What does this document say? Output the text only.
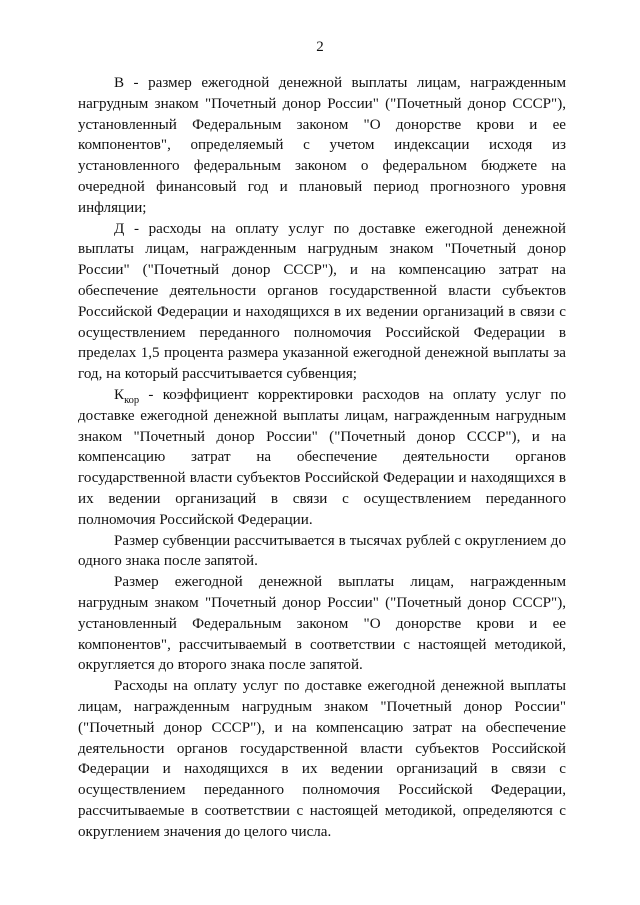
2

В - размер ежегодной денежной выплаты лицам, награжденным нагрудным знаком "Почетный донор России" ("Почетный донор СССР"), установленный Федеральным законом "О донорстве крови и ее компонентов", определяемый с учетом индексации исходя из установленного федеральным законом о федеральном бюджете на очередной финансовый год и плановый период прогнозного уровня инфляции;

Д - расходы на оплату услуг по доставке ежегодной денежной выплаты лицам, награжденным нагрудным знаком "Почетный донор России" ("Почетный донор СССР"), и на компенсацию затрат на обеспечение деятельности органов государственной власти субъектов Российской Федерации и находящихся в их ведении организаций в связи с осуществлением переданного полномочия Российской Федерации в пределах 1,5 процента размера указанной ежегодной денежной выплаты за год, на который рассчитывается субвенция;

$К_{кор}$ - коэффициент корректировки расходов на оплату услуг по доставке ежегодной денежной выплаты лицам, награжденным нагрудным знаком "Почетный донор России" ("Почетный донор СССР"), и на компенсацию затрат на обеспечение деятельности органов государственной власти субъектов Российской Федерации и находящихся в их ведении организаций в связи с осуществлением переданного полномочия Российской Федерации.

Размер субвенции рассчитывается в тысячах рублей с округлением до одного знака после запятой.

Размер ежегодной денежной выплаты лицам, награжденным нагрудным знаком "Почетный донор России" ("Почетный донор СССР"), установленный Федеральным законом "О донорстве крови и ее компонентов", рассчитываемый в соответствии с настоящей методикой, округляется до второго знака после запятой.

Расходы на оплату услуг по доставке ежегодной денежной выплаты лицам, награжденным нагрудным знаком "Почетный донор России" ("Почетный донор СССР"), и на компенсацию затрат на обеспечение деятельности органов государственной власти субъектов Российской Федерации и находящихся в их ведении организаций в связи с осуществлением переданного полномочия Российской Федерации, рассчитываемые в соответствии с настоящей методикой, определяются с округлением значения до целого числа.
